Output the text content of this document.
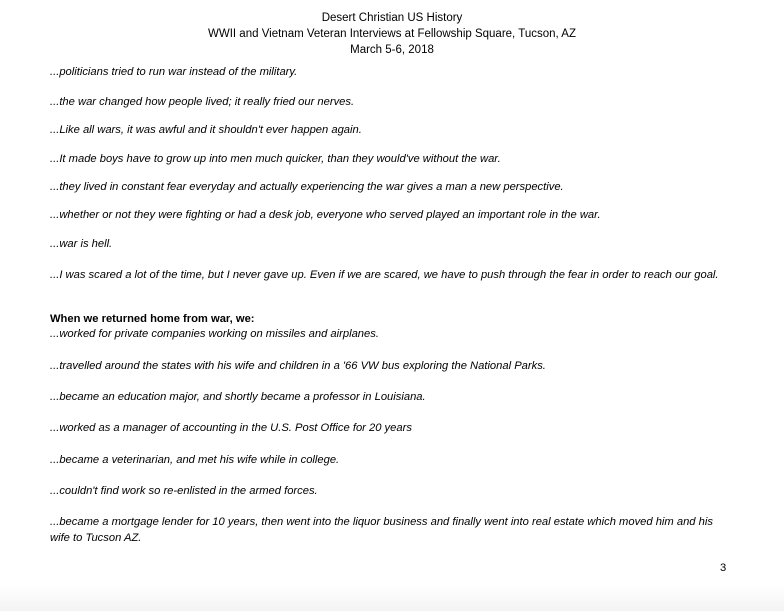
Desert Christian US History
WWII and Vietnam Veteran Interviews at Fellowship Square, Tucson, AZ
March 5-6, 2018
...politicians tried to run war instead of the military.
...the war changed how people lived; it really fried our nerves.
...Like all wars, it was awful and it shouldn't ever happen again.
...It made boys have to grow up into men much quicker, than they would've without the war.
...they lived in constant fear everyday and actually experiencing the war gives a man a new perspective.
...whether or not they were fighting or had a desk job, everyone who served played an important role in the war.
...war is hell.
...I was scared a lot of the time, but I never gave up. Even if we are scared, we have to push through the fear in order to reach our goal.
When we returned home from war, we:
...worked for private companies working on missiles and airplanes.
...travelled around the states with his wife and children in a '66 VW bus exploring the National Parks.
...became an education major, and shortly became a professor in Louisiana.
...worked as a manager of accounting in the U.S. Post Office for 20 years
...became a veterinarian, and met his wife while in college.
...couldn't find work so re-enlisted in the armed forces.
...became a mortgage lender for 10 years, then went into the liquor business and finally went into real estate which moved him and his wife to Tucson AZ.
3
